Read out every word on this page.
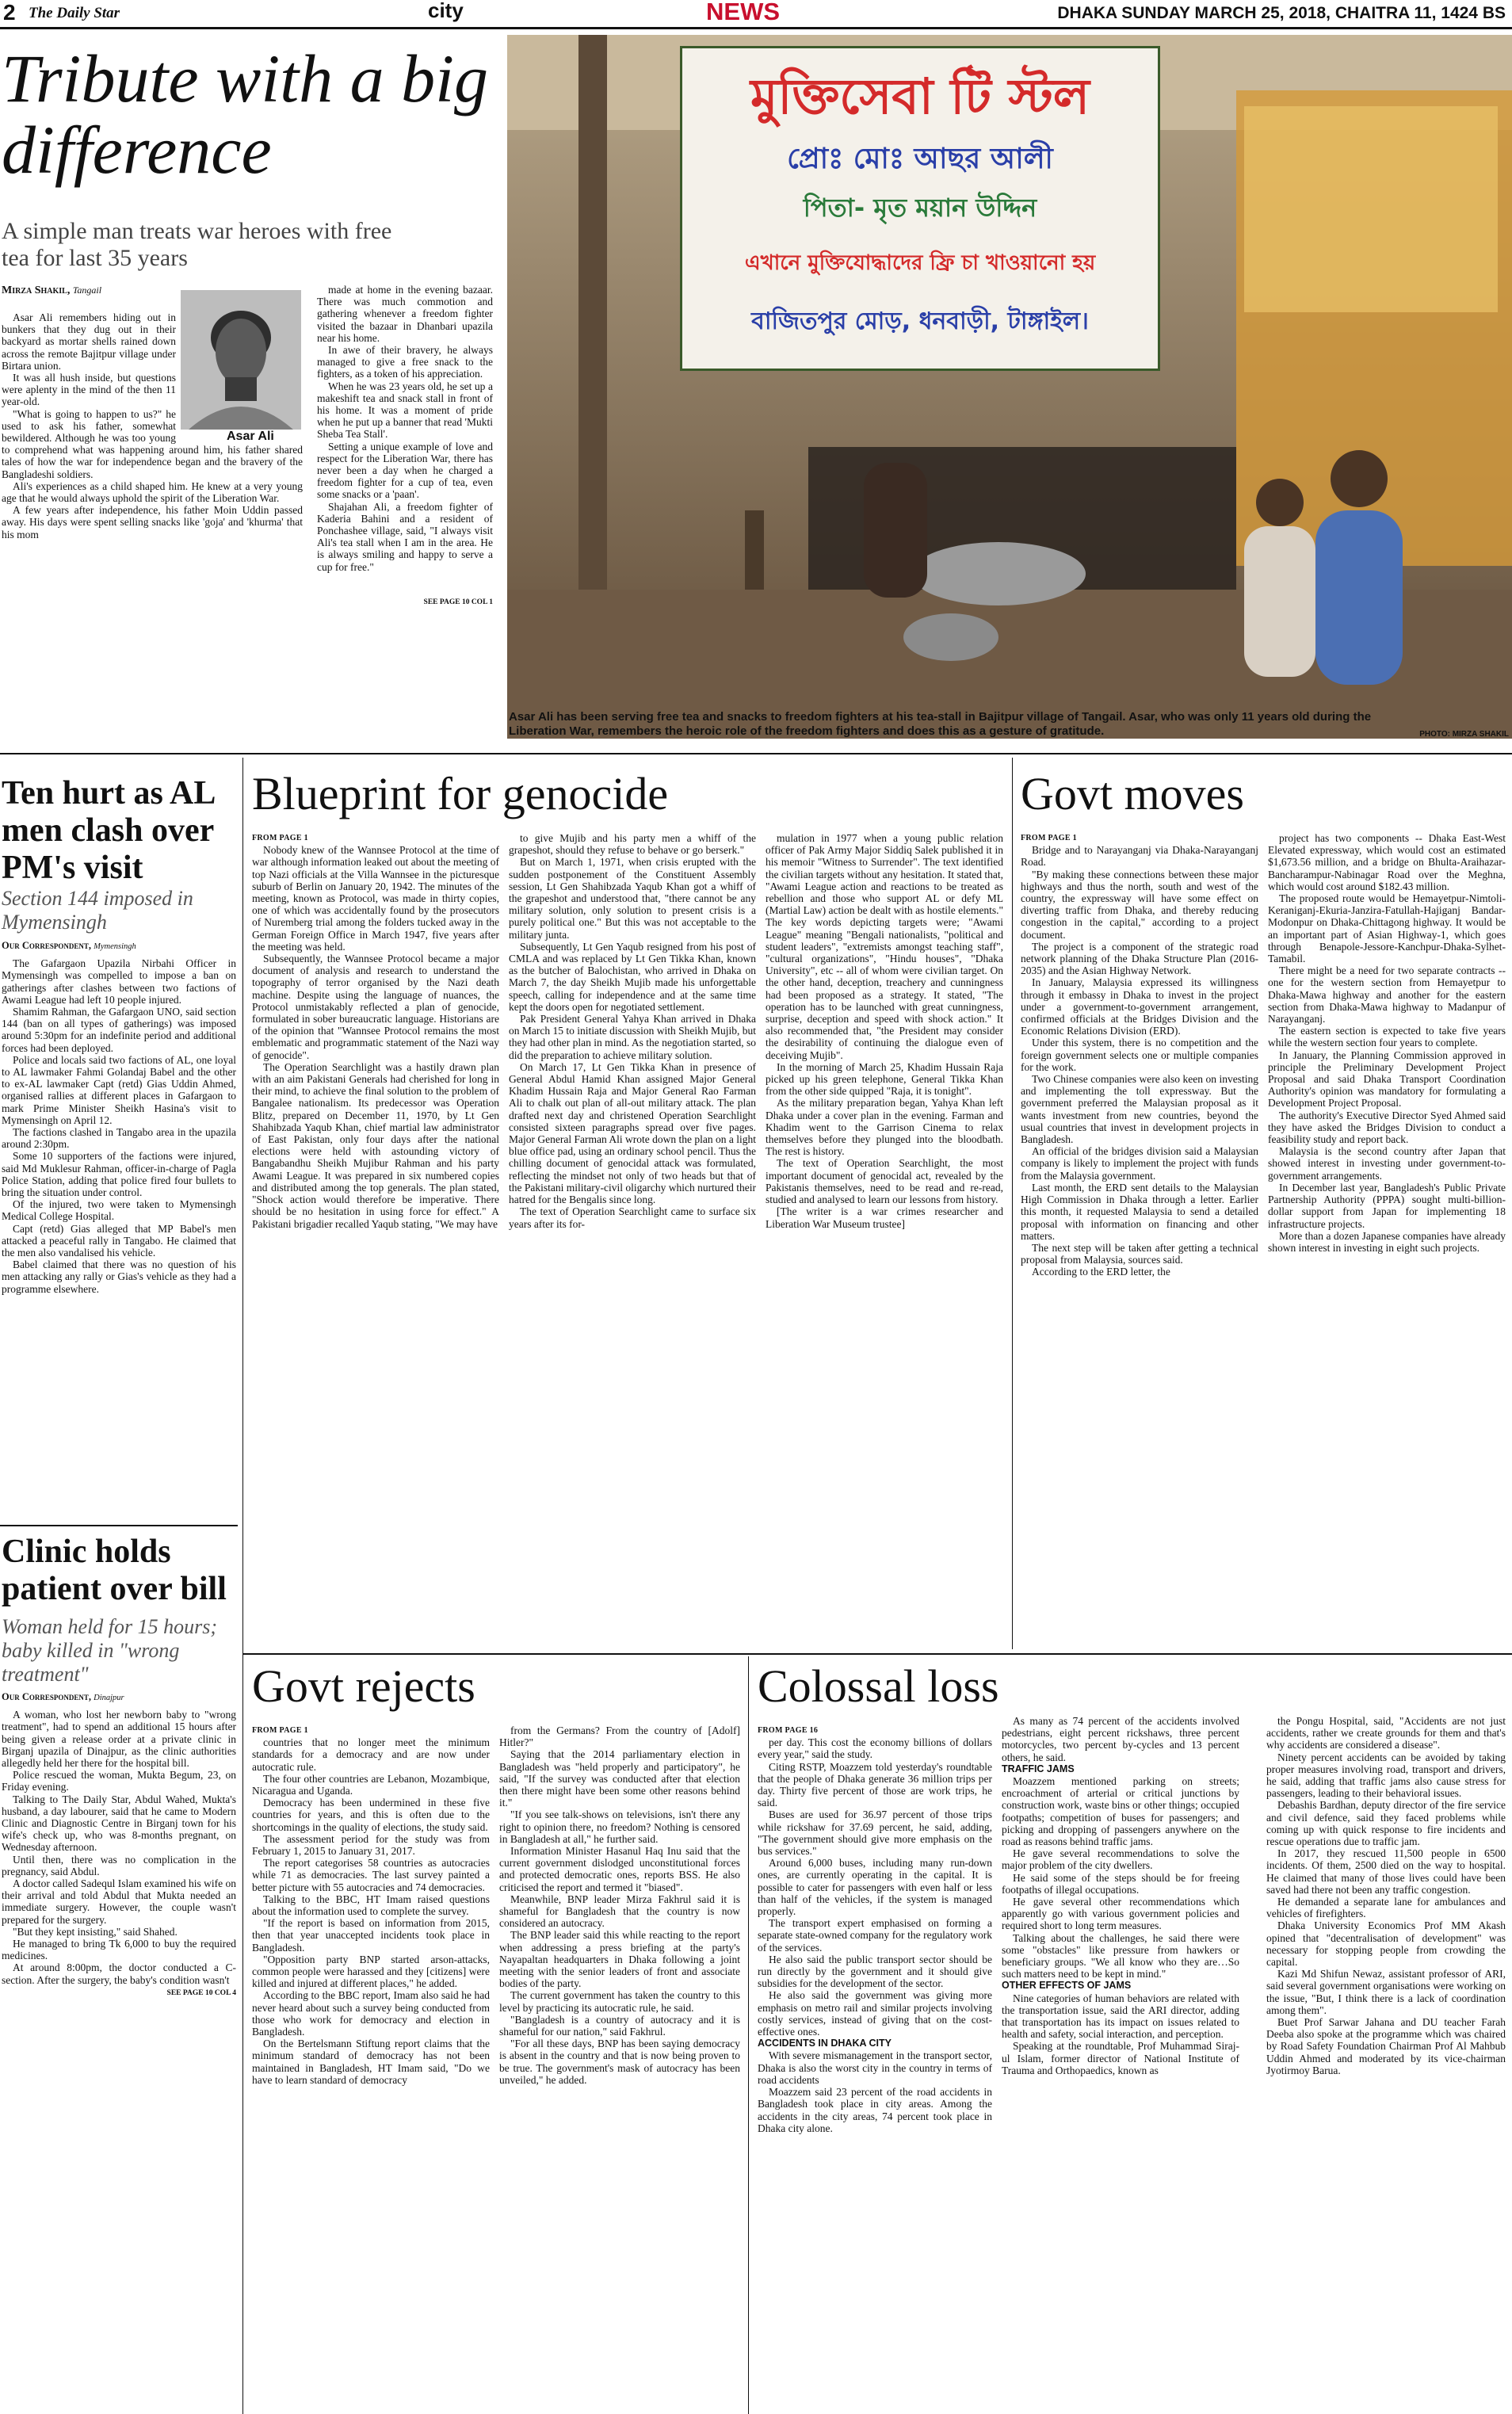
2 The Daily Star	city	NEWS	DHAKA SUNDAY MARCH 25, 2018, CHAITRA 11, 1424 BS
Tribute with a big difference
A simple man treats war heroes with free tea for last 35 years
Mirza Shakil, Tangail
Asar Ali

Asar Ali remembers hiding out in bunkers that they dug out in their backyard as mortar shells rained down across the remote Bajitpur village under Birtara union.

It was all hush inside, but questions were aplenty in the mind of the then 11 year-old.

"What is going to happen to us?" he used to ask his father, somewhat bewildered. Although he was too young to comprehend what was happening around him, his father shared tales of how the war for independence began and the bravery of the Bangladeshi soldiers.

Ali's experiences as a child shaped him. He knew at a very young age that he would always uphold the spirit of the Liberation War.

A few years after independence, his father Moin Uddin passed away. His days were spent selling snacks like 'goja' and 'khurma' that his mom

made at home in the evening bazaar. There was much commotion and gathering whenever a freedom fighter visited the bazaar in Dhanbari upazila near his home.

In awe of their bravery, he always managed to give a free snack to the fighters, as a token of his appreciation.

When he was 23 years old, he set up a makeshift tea and snack stall in front of his home. It was a moment of pride when he put up a banner that read 'Mukti Sheba Tea Stall'.

Setting a unique example of love and respect for the Liberation War, there has never been a day when he charged a freedom fighter for a cup of tea, even some snacks or a 'paan'.

Shajahan Ali, a freedom fighter of Kaderia Bahini and a resident of Ponchashee village, said, "I always visit Ali's tea stall when I am in the area. He is always smiling and happy to serve a cup for free."

SEE PAGE 10 COL 1
মুক্তিসেবা টি স্টল
প্রোঃ মোঃ আছর আলী
পিতা- মৃত ময়ান উদ্দিন
এখানে মুক্তিযোদ্ধাদের ফ্রি চা খাওয়ানো হয়
বাজিতপুর মোড়, ধনবাড়ী, টাঙ্গাইল।
Asar Ali has been serving free tea and snacks to freedom fighters at his tea-stall in Bajitpur village of Tangail. Asar, who was only 11 years old during the Liberation War, remembers the heroic role of the freedom fighters and does this as a gesture of gratitude.	PHOTO: MIRZA SHAKIL
Ten hurt as AL men clash over PM's visit
Section 144 imposed in Mymensingh
Our Correspondent, Mymensingh

The Gafargaon Upazila Nirbahi Officer in Mymensingh was compelled to impose a ban on gatherings after clashes between two factions of Awami League had left 10 people injured.

Shamim Rahman, the Gafargaon UNO, said section 144 (ban on all types of gatherings) was imposed around 5:30pm for an indefinite period and additional forces had been deployed.

Police and locals said two factions of AL, one loyal to AL lawmaker Fahmi Golandaj Babel and the other to ex-AL lawmaker Capt (retd) Gias Uddin Ahmed, organised rallies at different places in Gafargaon to mark Prime Minister Sheikh Hasina's visit to Mymensingh on April 12.

The factions clashed in Tangabo area in the upazila around 2:30pm.

Some 10 supporters of the factions were injured, said Md Muklesur Rahman, officer-in-charge of Pagla Police Station, adding that police fired four bullets to bring the situation under control.

Of the injured, two were taken to Mymensingh Medical College Hospital.

Capt (retd) Gias alleged that MP Babel's men attacked a peaceful rally in Tangabo. He claimed that the men also vandalised his vehicle.

Babel claimed that there was no question of his men attacking any rally or Gias's vehicle as they had a programme elsewhere.

Clinic holds patient over bill
Woman held for 15 hours; baby killed in "wrong treatment"
Our Correspondent, Dinajpur

A woman, who lost her newborn baby to "wrong treatment", had to spend an additional 15 hours after being given a release order at a private clinic in Birganj upazila of Dinajpur, as the clinic authorities allegedly held her there for the hospital bill.

Police rescued the woman, Mukta Begum, 23, on Friday evening.

Talking to The Daily Star, Abdul Wahed, Mukta's husband, a day labourer, said that he came to Modern Clinic and Diagnostic Centre in Birganj town for his wife's check up, who was 8-months pregnant, on Wednesday afternoon.

Until then, there was no complication in the pregnancy, said Abdul.

A doctor called Sadequl Islam examined his wife on their arrival and told Abdul that Mukta needed an immediate surgery. However, the couple wasn't prepared for the surgery.

"But they kept insisting," said Shahed.

He managed to bring Tk 6,000 to buy the required medicines.

At around 8:00pm, the doctor conducted a C-section. After the surgery, the baby's condition wasn't

SEE PAGE 10 COL 4
Blueprint for genocide
FROM PAGE 1

Nobody knew of the Wannsee Protocol at the time of war although information leaked out about the meeting of top Nazi officials at the Villa Wannsee in the picturesque suburb of Berlin on January 20, 1942. The minutes of the meeting, known as Protocol, was made in thirty copies, one of which was accidentally found by the prosecutors of Nuremberg trial among the folders tucked away in the German Foreign Office in March 1947, five years after the meeting was held.

Subsequently, the Wannsee Protocol became a major document of analysis and research to understand the topography of terror organised by the Nazi death machine. Despite using the language of nuances, the Protocol unmistakably reflected a plan of genocide, formulated in sober bureaucratic language. Historians are of the opinion that "Wannsee Protocol remains the most emblematic and programmatic statement of the Nazi way of genocide".

The Operation Searchlight was a hastily drawn plan with an aim Pakistani Generals had cherished for long in their mind, to achieve the final solution to the problem of Bangalee nationalism. Its predecessor was Operation Blitz, prepared on December 11, 1970, by Lt Gen Shahibzada Yaqub Khan, chief martial law administrator of East Pakistan, only four days after the national elections were held with astounding victory of Bangabandhu Sheikh Mujibur Rahman and his party Awami League. It was prepared in six numbered copies and distributed among the top generals. The plan stated, "Shock action would therefore be imperative. There should be no hesitation in using force for effect." A Pakistani brigadier recalled Yaqub stating, "We may have

to give Mujib and his party men a whiff of the grapeshot, should they refuse to behave or go berserk."

But on March 1, 1971, when crisis erupted with the sudden postponement of the Constituent Assembly session, Lt Gen Shahibzada Yaqub Khan got a whiff of the grapeshot and understood that, "there cannot be any military solution, only solution to present crisis is a purely political one." But this was not acceptable to the military junta.

Subsequently, Lt Gen Yaqub resigned from his post of CMLA and was replaced by Lt Gen Tikka Khan, known as the butcher of Balochistan, who arrived in Dhaka on March 7, the day Sheikh Mujib made his unforgettable speech, calling for independence and at the same time kept the doors open for negotiated settlement.

Pak President General Yahya Khan arrived in Dhaka on March 15 to initiate discussion with Sheikh Mujib, but they had other plan in mind. As the negotiation started, so did the preparation to achieve military solution.

On March 17, Lt Gen Tikka Khan in presence of General Abdul Hamid Khan assigned Major General Khadim Hussain Raja and Major General Rao Farman Ali to chalk out plan of all-out military attack. The plan drafted next day and christened Operation Searchlight consisted sixteen paragraphs spread over five pages. Major General Farman Ali wrote down the plan on a light blue office pad, using an ordinary school pencil. Thus the chilling document of genocidal attack was formulated, reflecting the mindset not only of two heads but that of the Pakistani military-civil oligarchy which nurtured their hatred for the Bengalis since long.

The text of Operation Searchlight came to surface six years after its for-

mulation in 1977 when a young public relation officer of Pak Army Major Siddiq Salek published it in his memoir "Witness to Surrender". The text identified the civilian targets without any hesitation. It stated that, "Awami League action and reactions to be treated as rebellion and those who support AL or defy ML (Martial Law) action be dealt with as hostile elements." The key words depicting targets were; "Awami League" meaning "Bengali nationalists, "political and student leaders", "extremists amongst teaching staff", "cultural organizations", "Hindu houses", "Dhaka University", etc -- all of whom were civilian target. On the other hand, deception, treachery and cunningness had been proposed as a strategy. It stated, "The operation has to be launched with great cunningness, surprise, deception and speed with shock action." It also recommended that, "the President may consider the desirability of continuing the dialogue even of deceiving Mujib".

In the morning of March 25, Khadim Hussain Raja picked up his green telephone, General Tikka Khan from the other side quipped "Raja, it is tonight".

As the military preparation began, Yahya Khan left Dhaka under a cover plan in the evening. Farman and Khadim went to the Garrison Cinema to relax themselves before they plunged into the bloodbath. The rest is history.

The text of Operation Searchlight, the most important document of genocidal act, revealed by the Pakistanis themselves, need to be read and re-read, studied and analysed to learn our lessons from history.

[The writer is a war crimes researcher and Liberation War Museum trustee]

Govt moves
FROM PAGE 1

Bridge and to Narayanganj via Dhaka-Narayanganj Road.

"By making these connections between these major highways and thus the north, south and west of the country, the expressway will have some effect on diverting traffic from Dhaka, and thereby reducing congestion in the capital," according to a project document.

The project is a component of the strategic road network planning of the Dhaka Structure Plan (2016-2035) and the Asian Highway Network.

In January, Malaysia expressed its willingness through it embassy in Dhaka to invest in the project under a government-to-government arrangement, confirmed officials at the Bridges Division and the Economic Relations Division (ERD).

Under this system, there is no competition and the foreign government selects one or multiple companies for the work.

Two Chinese companies were also keen on investing and implementing the toll expressway. But the government preferred the Malaysian proposal as it wants investment from new countries, beyond the usual countries that invest in development projects in Bangladesh.

An official of the bridges division said a Malaysian company is likely to implement the project with funds from the Malaysia government.

Last month, the ERD sent details to the Malaysian High Commission in Dhaka through a letter. Earlier this month, it requested Malaysia to send a detailed proposal with information on financing and other matters.

The next step will be taken after getting a technical proposal from Malaysia, sources said.

According to the ERD letter, the

project has two components -- Dhaka East-West Elevated expressway, which would cost an estimated $1,673.56 million, and a bridge on Bhulta-Araihazar-Bancharampur-Nabinagar Road over the Meghna, which would cost around $182.43 million.

The proposed route would be Hemayetpur-Nimtoli-Keraniganj-Ekuria-Janzira-Fatullah-Hajiganj Bandar-Modonpur on Dhaka-Chittagong highway. It would be an important part of Asian Highway-1, which goes through Benapole-Jessore-Kanchpur-Dhaka-Sylhet-Tamabil.

There might be a need for two separate contracts -- one for the western section from Hemayetpur to Dhaka-Mawa highway and another for the eastern section from Dhaka-Mawa highway to Madanpur of Narayanganj.

The eastern section is expected to take five years while the western section four years to complete.

In January, the Planning Commission approved in principle the Preliminary Development Project Proposal and said Dhaka Transport Coordination Authority's opinion was mandatory for formulating a Development Project Proposal.

The authority's Executive Director Syed Ahmed said they have asked the Bridges Division to conduct a feasibility study and report back.

Malaysia is the second country after Japan that showed interest in investing under government-to-government arrangements.

In December last year, Bangladesh's Public Private Partnership Authority (PPPA) sought multi-billion-dollar support from Japan for implementing 18 infrastructure projects.

More than a dozen Japanese companies have already shown interest in investing in eight such projects.

Govt rejects
FROM PAGE 1

countries that no longer meet the minimum standards for a democracy and are now under autocratic rule.

The four other countries are Lebanon, Mozambique, Nicaragua and Uganda.

Democracy has been undermined in these five countries for years, and this is often due to the shortcomings in the quality of elections, the study said.

The assessment period for the study was from February 1, 2015 to January 31, 2017.

The report categorises 58 countries as autocracies while 71 as democracies. The last survey painted a better picture with 55 autocracies and 74 democracies.

Talking to the BBC, HT Imam raised questions about the information used to complete the survey.

"If the report is based on information from 2015, then that year unaccepted incidents took place in Bangladesh.

"Opposition party BNP started arson-attacks, common people were harassed and they [citizens] were killed and injured at different places," he added.

According to the BBC report, Imam also said he had never heard about such a survey being conducted from those who work for democracy and election in Bangladesh.

On the Bertelsmann Stiftung report claims that the minimum standard of democracy has not been maintained in Bangladesh, HT Imam said, "Do we have to learn standard of democracy

from the Germans? From the country of [Adolf] Hitler?"

Saying that the 2014 parliamentary election in Bangladesh was "held properly and participatory", he said, "If the survey was conducted after that election then there might have been some other reasons behind it."

"If you see talk-shows on televisions, isn't there any right to opinion there, no freedom? Nothing is censored in Bangladesh at all," he further said.

Information Minister Hasanul Haq Inu said that the current government dislodged unconstitutional forces and protected democratic ones, reports BSS. He also criticised the report and termed it "biased".

Meanwhile, BNP leader Mirza Fakhrul said it is shameful for Bangladesh that the country is now considered an autocracy.

The BNP leader said this while reacting to the report when addressing a press briefing at the party's Nayapaltan headquarters in Dhaka following a joint meeting with the senior leaders of front and associate bodies of the party.

The current government has taken the country to this level by practicing its autocratic rule, he said.

"Bangladesh is a country of autocracy and it is shameful for our nation," said Fakhrul.

"For all these days, BNP has been saying democracy is absent in the country and that is now being proven to be true. The government's mask of autocracy has been unveiled," he added.

Colossal loss
FROM PAGE 16

per day. This cost the economy billions of dollars every year," said the study.

Citing RSTP, Moazzem told yesterday's roundtable that the people of Dhaka generate 36 million trips per day. Thirty five percent of those are work trips, he said.

Buses are used for 36.97 percent of those trips while rickshaw for 37.69 percent, he said, adding, "The government should give more emphasis on the bus services."

Around 6,000 buses, including many run-down ones, are currently operating in the capital. It is possible to cater for passengers with even half or less than half of the vehicles, if the system is managed properly.

The transport expert emphasised on forming a separate state-owned company for the regulatory work of the services.

He also said the public transport sector should be run directly by the government and it should give subsidies for the development of the sector.

He also said the government was giving more emphasis on metro rail and similar projects involving costly services, instead of giving that on the cost-effective ones.

ACCIDENTS IN DHAKA CITY

With severe mismanagement in the transport sector, Dhaka is also the worst city in the country in terms of road accidents

Moazzem said 23 percent of the road accidents in Bangladesh took place in city areas. Among the accidents in the city areas, 74 percent took place in Dhaka city alone.

As many as 74 percent of the accidents involved pedestrians, eight percent rickshaws, three percent motorcycles, two percent by-cycles and 13 percent others, he said.

TRAFFIC JAMS

Moazzem mentioned parking on streets; encroachment of arterial or critical junctions by construction work, waste bins or other things; occupied footpaths; competition of buses for passengers; and picking and dropping of passengers anywhere on the road as reasons behind traffic jams.

He gave several recommendations to solve the major problem of the city dwellers.

He said some of the steps should be for freeing footpaths of illegal occupations.

He gave several other recommendations which apparently go with various government policies and required short to long term measures.

Talking about the challenges, he said there were some "obstacles" like pressure from hawkers or beneficiary groups. "We all know who they are…So such matters need to be kept in mind."

OTHER EFFECTS OF JAMS

Nine categories of human behaviors are related with the transportation issue, said the ARI director, adding that transportation has its impact on issues related to health and safety, social interaction, and perception.

Speaking at the roundtable, Prof Muhammad Siraj-ul Islam, former director of National Institute of Trauma and Orthopaedics, known as

the Pongu Hospital, said, "Accidents are not just accidents, rather we create grounds for them and that's why accidents are considered a disease".

Ninety percent accidents can be avoided by taking proper measures involving road, transport and drivers, he said, adding that traffic jams also cause stress for passengers, leading to their behavioral issues.

Debashis Bardhan, deputy director of the fire service and civil defence, said they faced problems while coming up with quick response to fire incidents and rescue operations due to traffic jam.

In 2017, they rescued 11,500 people in 6500 incidents. Of them, 2500 died on the way to hospital. He claimed that many of those lives could have been saved had there not been any traffic congestion.

He demanded a separate lane for ambulances and vehicles of firefighters.

Dhaka University Economics Prof MM Akash opined that "decentralisation of development" was necessary for stopping people from crowding the capital.

Kazi Md Shifun Newaz, assistant professor of ARI, said several government organisations were working on the issue, "But, I think there is a lack of coordination among them".

Buet Prof Sarwar Jahana and DU teacher Farah Deeba also spoke at the programme which was chaired by Road Safety Foundation Chairman Prof Al Mahbub Uddin Ahmed and moderated by its vice-chairman Jyotirmoy Barua.
